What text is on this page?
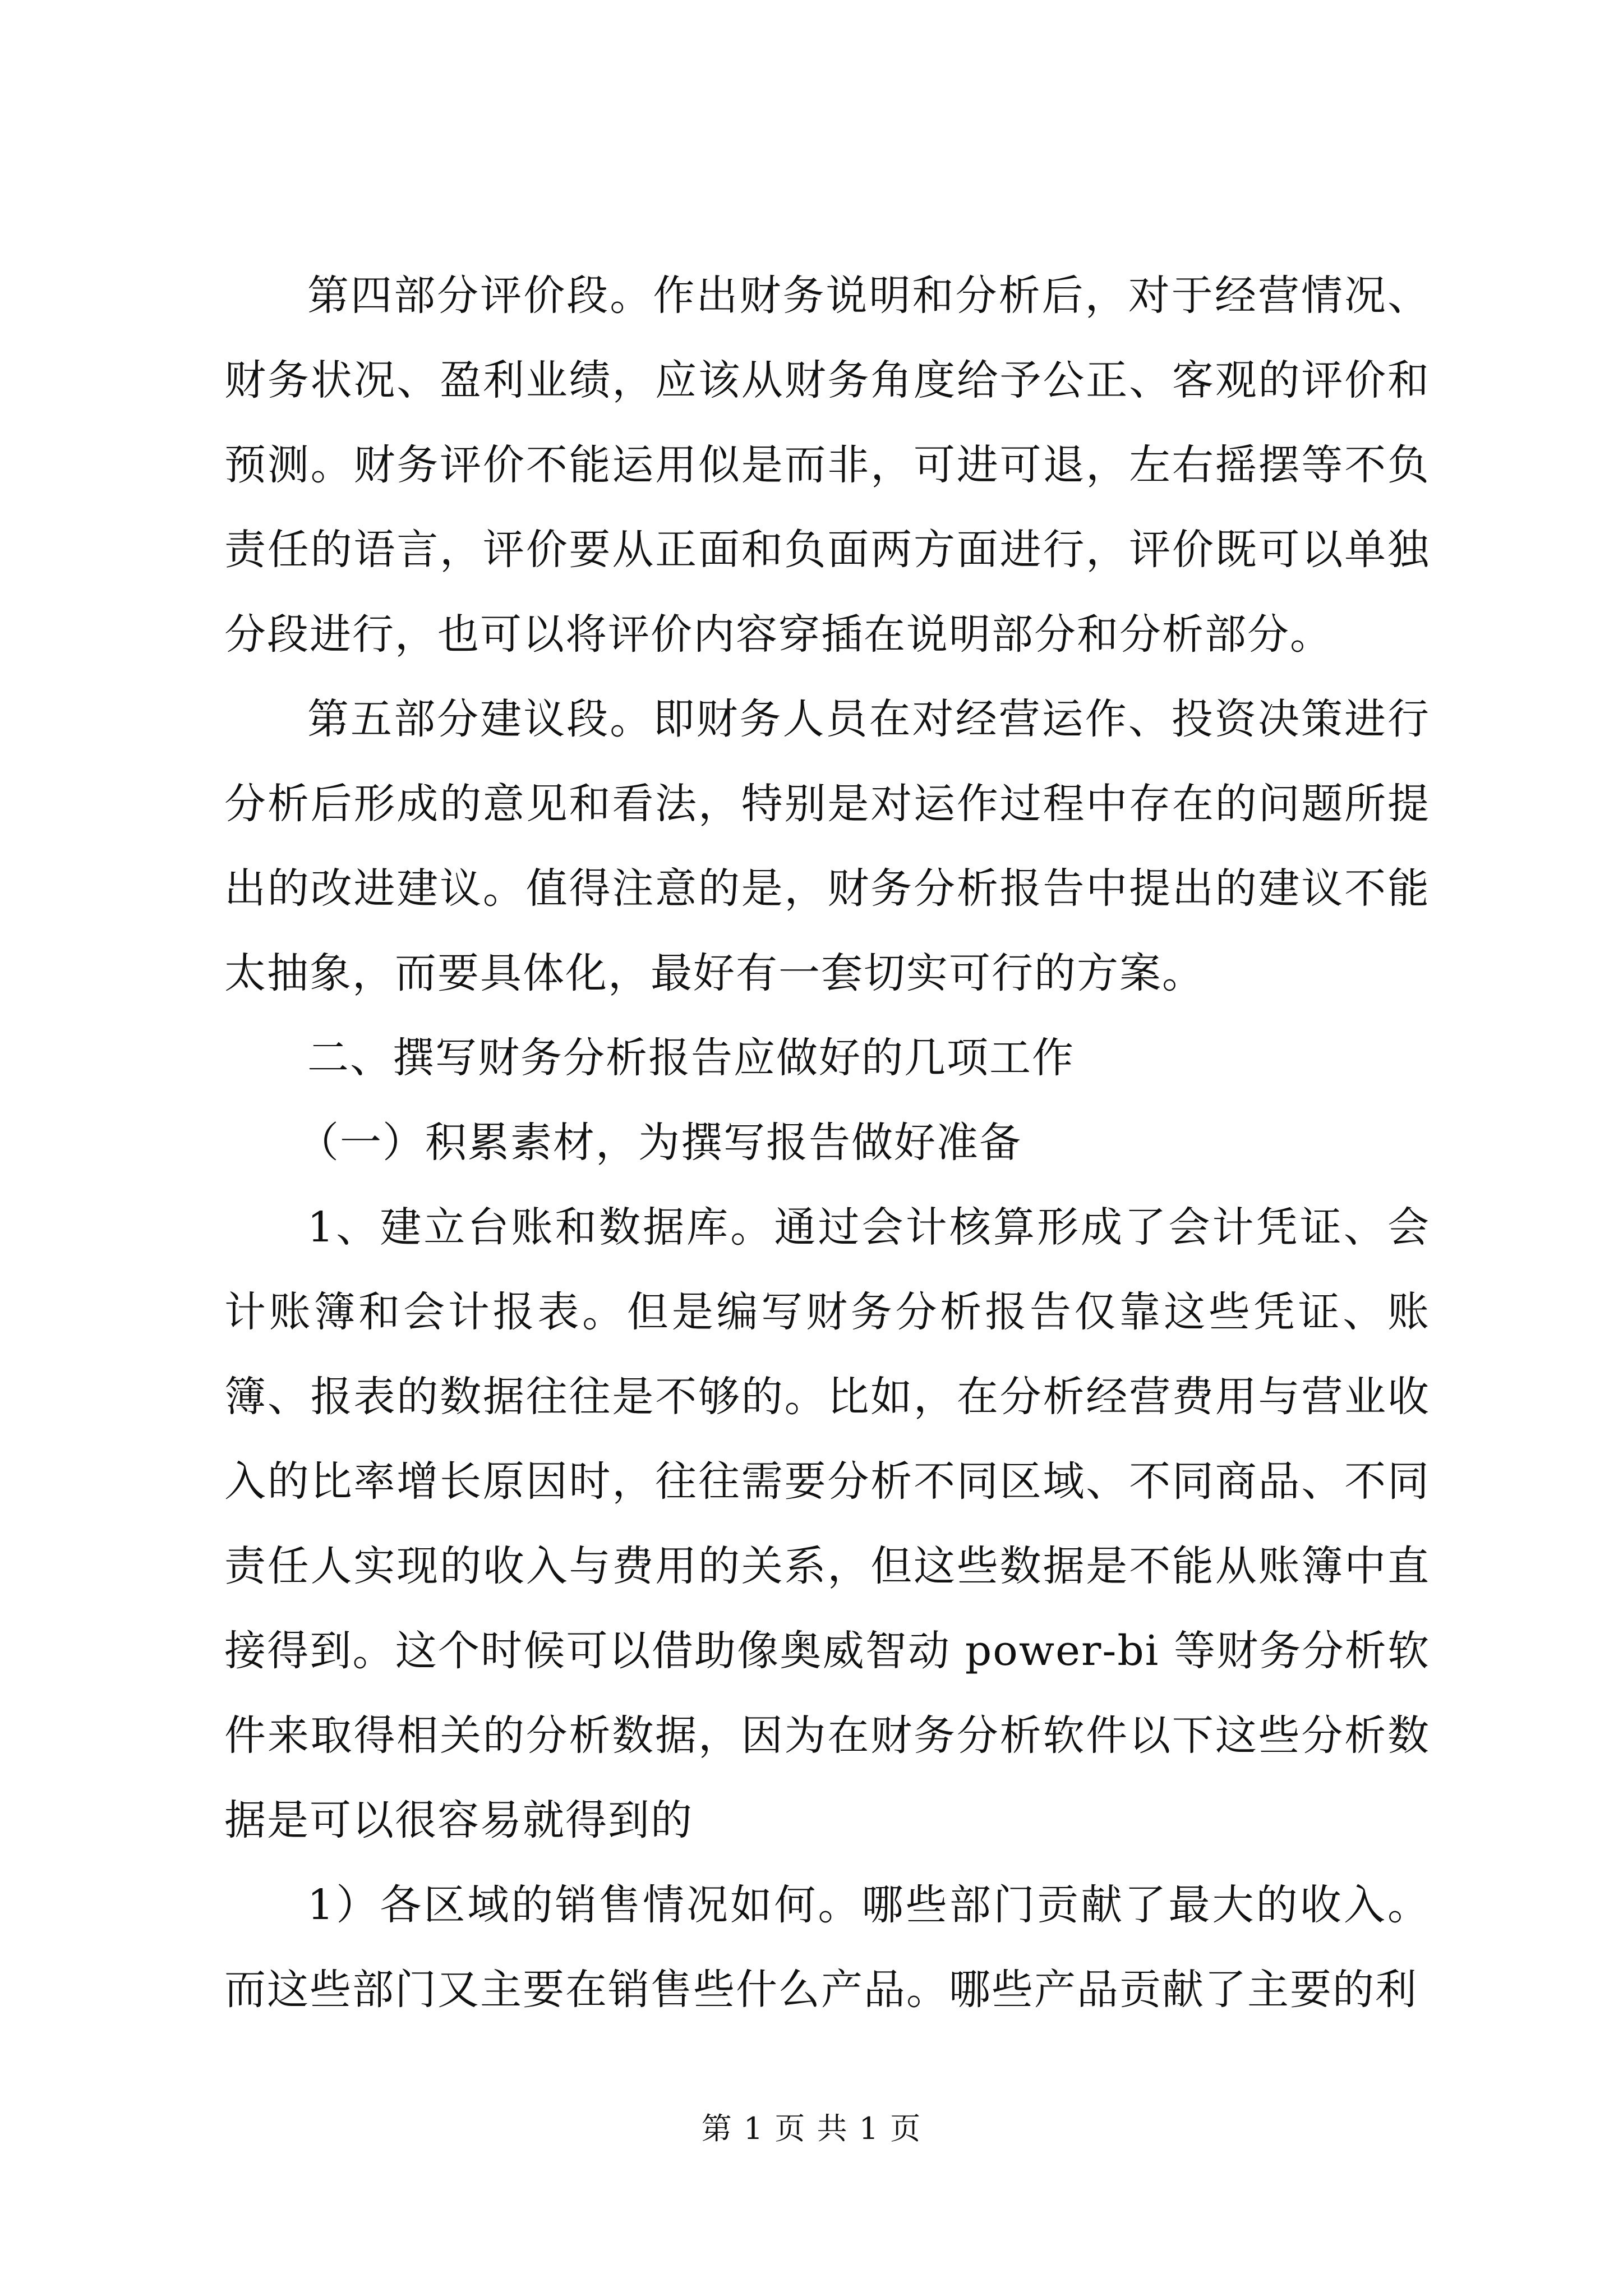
第四部分评价段。作出财务说明和分析后，对于经营情况、财务状况、盈利业绩，应该从财务角度给予公正、客观的评价和预测。财务评价不能运用似是而非，可进可退，左右摇摆等不负责任的语言，评价要从正面和负面两方面进行，评价既可以单独分段进行，也可以将评价内容穿插在说明部分和分析部分。

第五部分建议段。即财务人员在对经营运作、投资决策进行分析后形成的意见和看法，特别是对运作过程中存在的问题所提出的改进建议。值得注意的是，财务分析报告中提出的建议不能太抽象，而要具体化，最好有一套切实可行的方案。

二、撰写财务分析报告应做好的几项工作

（一）积累素材，为撰写报告做好准备

1、建立台账和数据库。通过会计核算形成了会计凭证、会计账簿和会计报表。但是编写财务分析报告仅靠这些凭证、账簿、报表的数据往往是不够的。比如，在分析经营费用与营业收入的比率增长原因时，往往需要分析不同区域、不同商品、不同责任人实现的收入与费用的关系，但这些数据是不能从账簿中直接得到。这个时候可以借助像奥威智动 power-bi 等财务分析软件来取得相关的分析数据，因为在财务分析软件以下这些分析数据是可以很容易就得到的

1）各区域的销售情况如何。哪些部门贡献了最大的收入。而这些部门又主要在销售些什么产品。哪些产品贡献了主要的利

第 1 页 共 1 页
